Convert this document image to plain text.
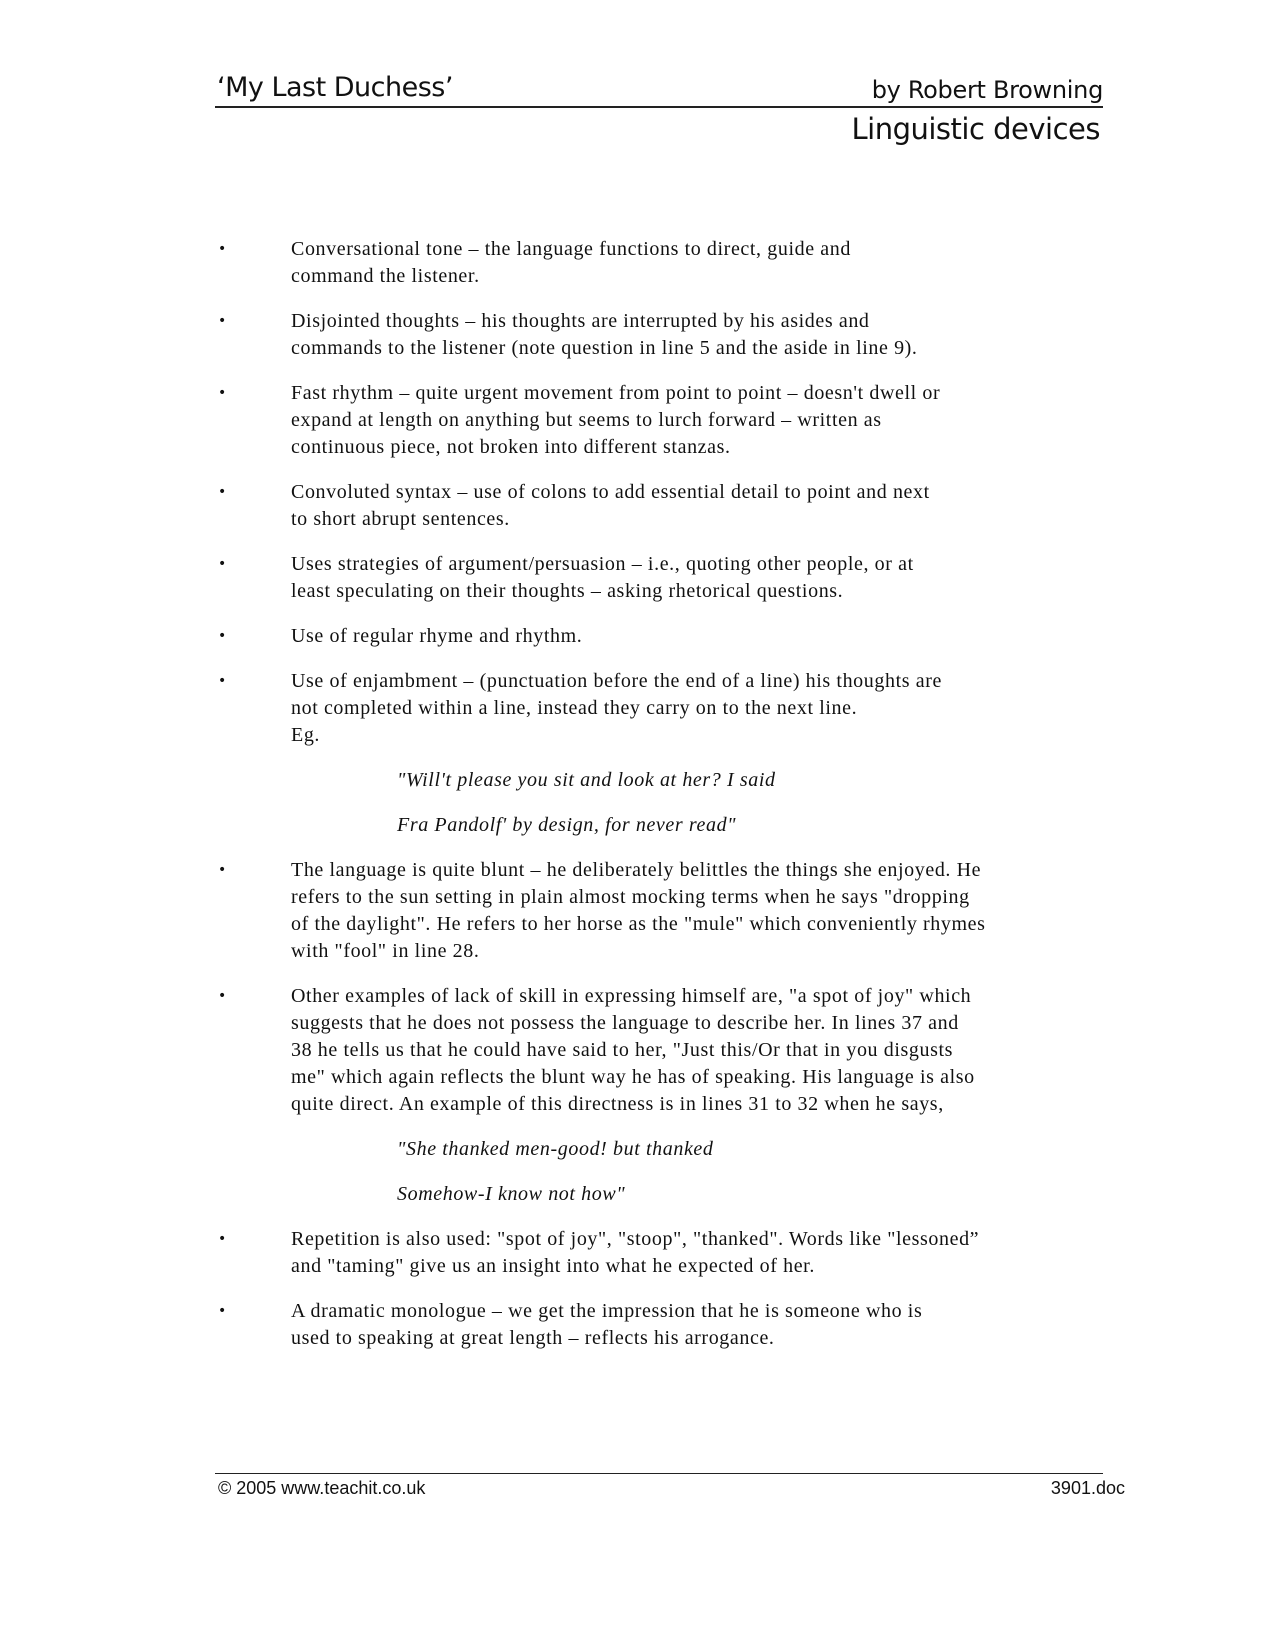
‘My Last Duchess’	by Robert Browning
Linguistic devices
•	Conversational tone – the language functions to direct, guide and
command the listener.
•	Disjointed thoughts – his thoughts are interrupted by his asides and
commands to the listener (note question in line 5 and the aside in line 9).
•	Fast rhythm – quite urgent movement from point to point – doesn't dwell or
expand at length on anything but seems to lurch forward – written as
continuous piece, not broken into different stanzas.
•	Convoluted syntax – use of colons to add essential detail to point and next
to short abrupt sentences.
•	Uses strategies of argument/persuasion – i.e., quoting other people, or at
least speculating on their thoughts – asking rhetorical questions.
•	Use of regular rhyme and rhythm.
•	Use of enjambment – (punctuation before the end of a line) his thoughts are
not completed within a line, instead they carry on to the next line.
Eg.
"Will't please you sit and look at her? I said
Fra Pandolf' by design, for never read"
•	The language is quite blunt – he deliberately belittles the things she enjoyed. He
refers to the sun setting in plain almost mocking terms when he says "dropping
of the daylight". He refers to her horse as the "mule" which conveniently rhymes
with "fool" in line 28.
•	Other examples of lack of skill in expressing himself are, "a spot of joy" which
suggests that he does not possess the language to describe her. In lines 37 and
38 he tells us that he could have said to her, "Just this/Or that in you disgusts
me" which again reflects the blunt way he has of speaking. His language is also
quite direct. An example of this directness is in lines 31 to 32 when he says,
"She thanked men-good! but thanked
Somehow-I know not how"
•	Repetition is also used: "spot of joy", "stoop", "thanked". Words like "lessoned”
and "taming" give us an insight into what he expected of her.
•	A dramatic monologue – we get the impression that he is someone who is
used to speaking at great length – reflects his arrogance.
© 2005 www.teachit.co.uk	3901.doc
